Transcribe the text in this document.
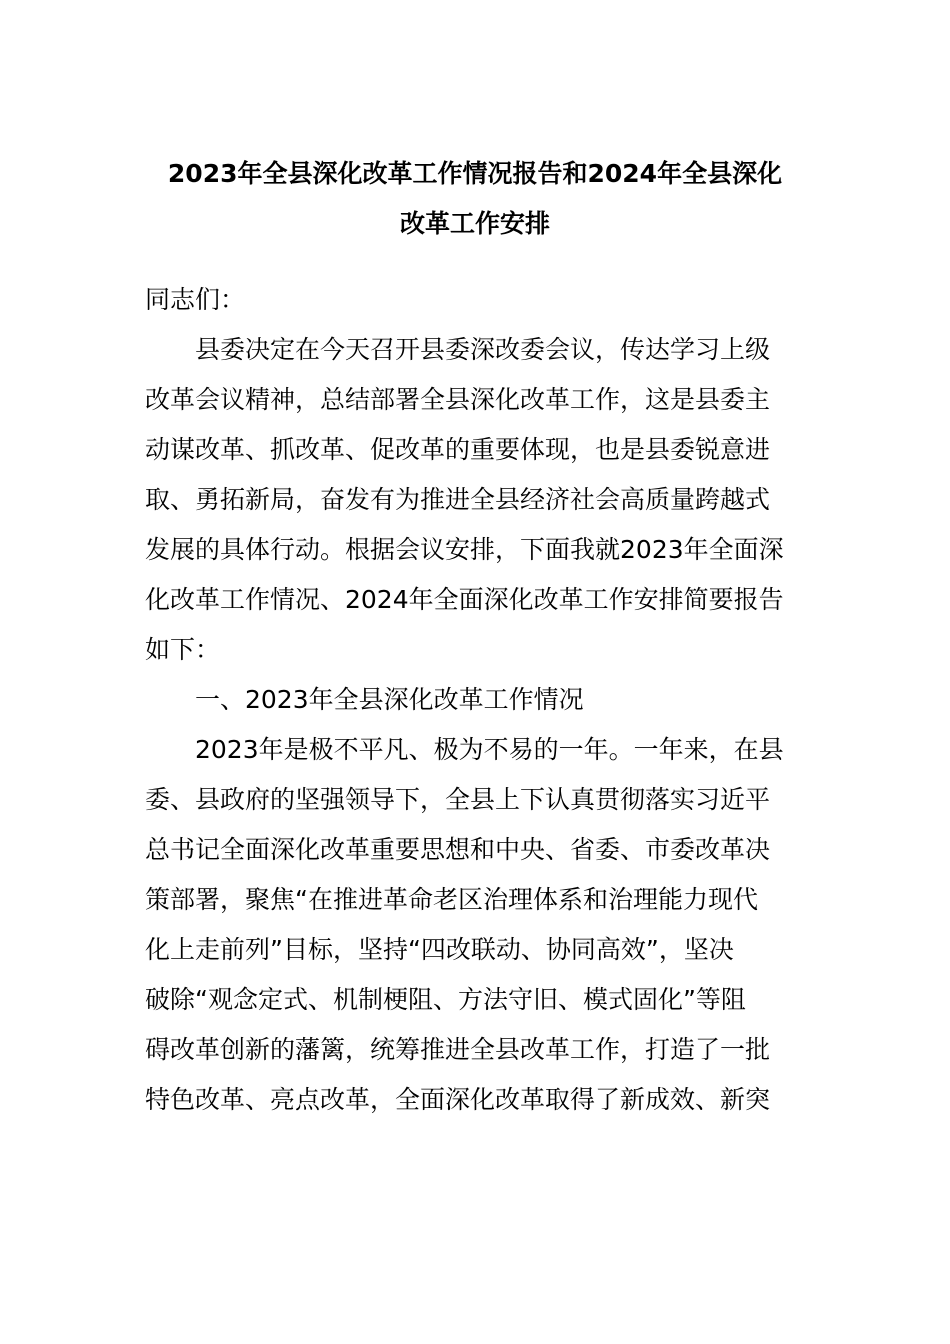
2023年全县深化改革工作情况报告和2024年全县深化
改革工作安排
同志们：
县委决定在今天召开县委深改委会议，传达学习上级
改革会议精神，总结部署全县深化改革工作，这是县委主
动谋改革、抓改革、促改革的重要体现，也是县委锐意进
取、勇拓新局，奋发有为推进全县经济社会高质量跨越式
发展的具体行动。根据会议安排，下面我就2023年全面深
化改革工作情况、2024年全面深化改革工作安排简要报告
如下：
一、2023年全县深化改革工作情况
2023年是极不平凡、极为不易的一年。一年来，在县
委、县政府的坚强领导下，全县上下认真贯彻落实习近平
总书记全面深化改革重要思想和中央、省委、市委改革决
策部署，聚焦“在推进革命老区治理体系和治理能力现代
化上走前列”目标，坚持“四改联动、协同高效”，坚决
破除“观念定式、机制梗阻、方法守旧、模式固化”等阻
碍改革创新的藩篱，统筹推进全县改革工作，打造了一批
特色改革、亮点改革，全面深化改革取得了新成效、新突
